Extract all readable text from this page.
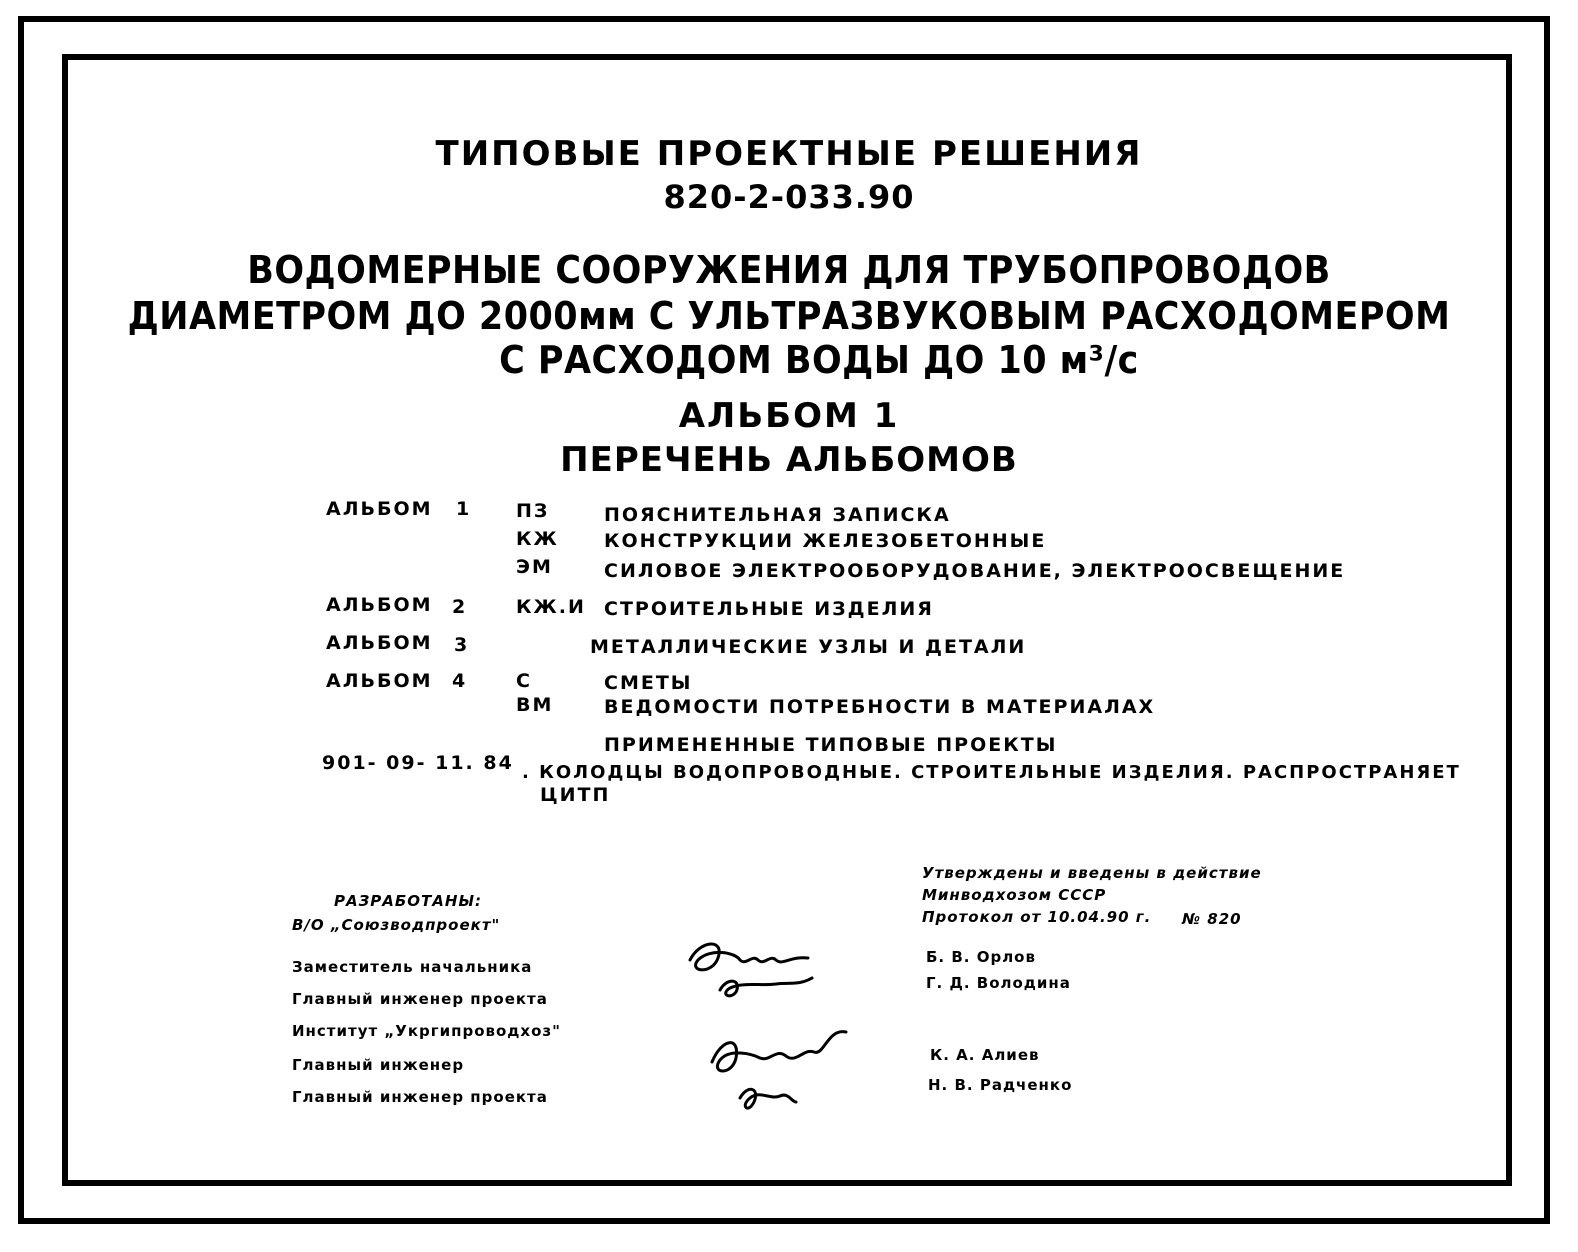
ТИПОВЫЕ ПРОЕКТНЫЕ РЕШЕНИЯ
820-2-033.90
ВОДОМЕРНЫЕ СООРУЖЕНИЯ ДЛЯ ТРУБОПРОВОДОВ
ДИАМЕТРОМ ДО 2000мм С УЛЬТРАЗВУКОВЫМ РАСХОДОМЕРОМ
С РАСХОДОМ ВОДЫ ДО 10 м³/с
АЛЬБОМ 1
ПЕРЕЧЕНЬ АЛЬБОМОВ
АЛЬБОМ 1 ПЗ	ПОЯСНИТЕЛЬНАЯ ЗАПИСКА
КЖ КОНСТРУКЦИИ ЖЕЛЕЗОБЕТОННЫЕ
ЭМ	СИЛОВОЕ ЭЛЕКТРООБОРУДОВАНИЕ, ЭЛЕКТРООСВЕЩЕНИЕ
АЛЬБОМ 2	КЖ.И СТРОИТЕЛЬНЫЕ ИЗДЕЛИЯ
АЛЬБОМ 3	МЕТАЛЛИЧЕСКИЕ УЗЛЫ И ДЕТАЛИ
АЛЬБОМ 4	С	СМЕТЫ
ВМ	ВЕДОМОСТИ ПОТРЕБНОСТИ В МАТЕРИАЛАХ
ПРИМЕНЕННЫЕ ТИПОВЫЕ ПРОЕКТЫ
901- 09- 11. 84 . КОЛОДЦЫ ВОДОПРОВОДНЫЕ. СТРОИТЕЛЬНЫЕ ИЗДЕЛИЯ. РАСПРОСТРАНЯЕТ
ЦИТП
РАЗРАБОТАНЫ:
В/О „Союзводпроект"
Заместитель начальника
Главный инженер проекта
Институт „Укргипроводхоз"
Главный инженер
Главный инженер проекта
Утверждены и введены в действие
Минводхозом СССР
Протокол от 10.04.90 г. № 820
Б. В. Орлов
Г. Д. Володина
К. А. Алиев
Н. В. Радченко
